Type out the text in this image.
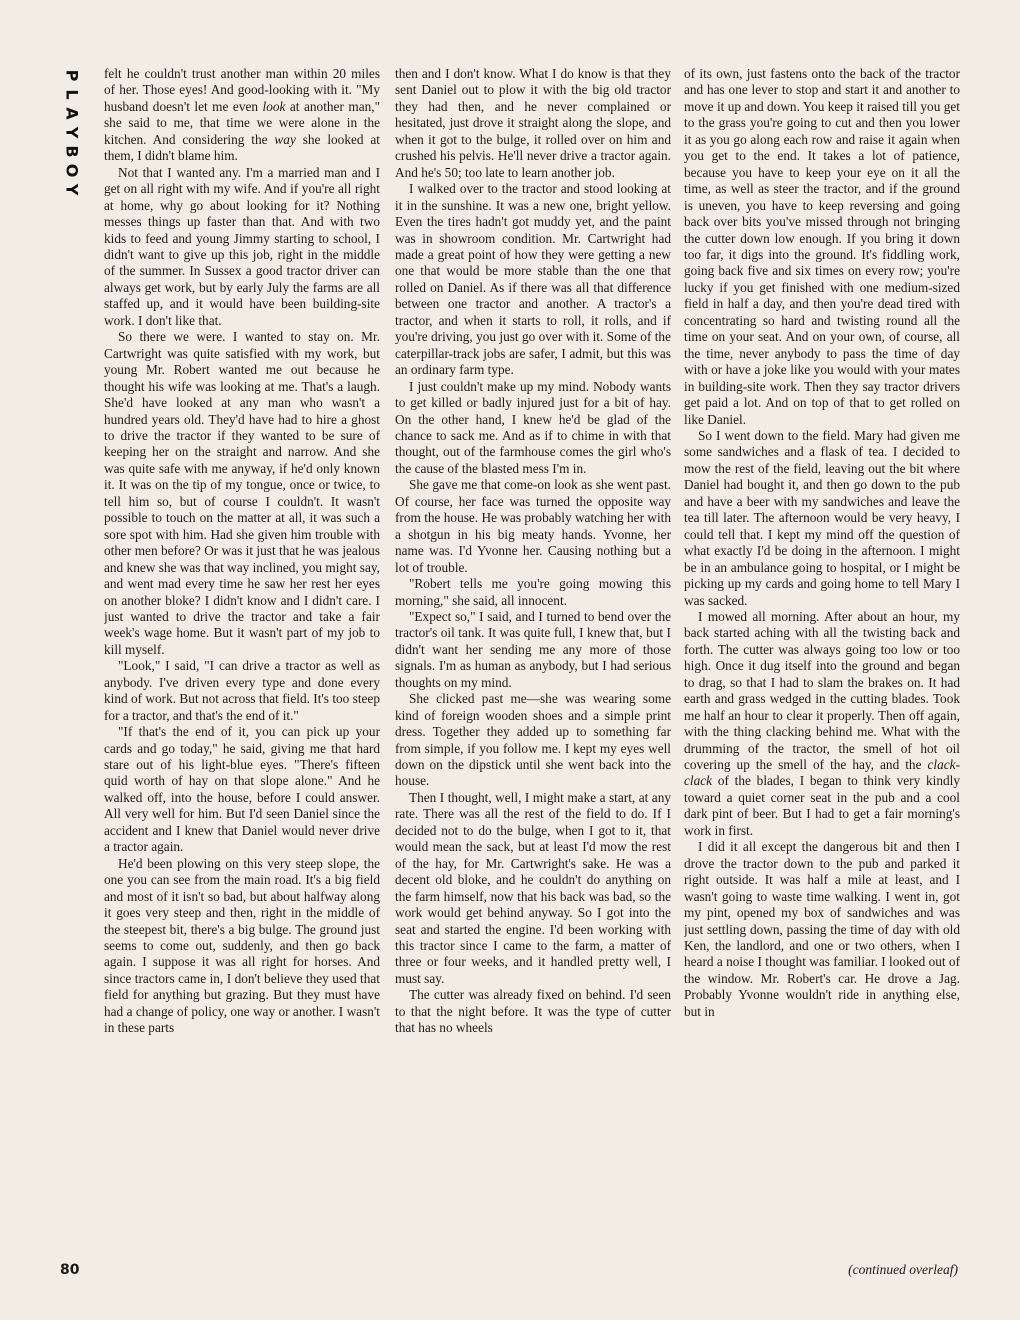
P
L
A
Y
B
O
Y

felt he couldn't trust another man within 20 miles of her. Those eyes! And good-looking with it. "My husband doesn't let me even look at another man," she said to me, that time we were alone in the kitchen. And considering the way she looked at them, I didn't blame him.

Not that I wanted any. I'm a married man and I get on all right with my wife. And if you're all right at home, why go about looking for it? Nothing messes things up faster than that. And with two kids to feed and young Jimmy starting to school, I didn't want to give up this job, right in the middle of the summer. In Sussex a good tractor driver can always get work, but by early July the farms are all staffed up, and it would have been building-site work. I don't like that.

So there we were. I wanted to stay on. Mr. Cartwright was quite satisfied with my work, but young Mr. Robert wanted me out because he thought his wife was looking at me. That's a laugh. She'd have looked at any man who wasn't a hundred years old. They'd have had to hire a ghost to drive the tractor if they wanted to be sure of keeping her on the straight and narrow. And she was quite safe with me anyway, if he'd only known it. It was on the tip of my tongue, once or twice, to tell him so, but of course I couldn't. It wasn't possible to touch on the matter at all, it was such a sore spot with him. Had she given him trouble with other men before? Or was it just that he was jealous and knew she was that way inclined, you might say, and went mad every time he saw her rest her eyes on another bloke? I didn't know and I didn't care. I just wanted to drive the tractor and take a fair week's wage home. But it wasn't part of my job to kill myself.

"Look," I said, "I can drive a tractor as well as anybody. I've driven every type and done every kind of work. But not across that field. It's too steep for a tractor, and that's the end of it."

"If that's the end of it, you can pick up your cards and go today," he said, giving me that hard stare out of his light-blue eyes. "There's fifteen quid worth of hay on that slope alone." And he walked off, into the house, before I could answer. All very well for him. But I'd seen Daniel since the accident and I knew that Daniel would never drive a tractor again.

He'd been plowing on this very steep slope, the one you can see from the main road. It's a big field and most of it isn't so bad, but about halfway along it goes very steep and then, right in the middle of the steepest bit, there's a big bulge. The ground just seems to come out, suddenly, and then go back again. I suppose it was all right for horses. And since tractors came in, I don't believe they used that field for anything but grazing. But they must have had a change of policy, one way or another. I wasn't in these parts

then and I don't know. What I do know is that they sent Daniel out to plow it with the big old tractor they had then, and he never complained or hesitated, just drove it straight along the slope, and when it got to the bulge, it rolled over on him and crushed his pelvis. He'll never drive a tractor again. And he's 50; too late to learn another job.

I walked over to the tractor and stood looking at it in the sunshine. It was a new one, bright yellow. Even the tires hadn't got muddy yet, and the paint was in showroom condition. Mr. Cartwright had made a great point of how they were getting a new one that would be more stable than the one that rolled on Daniel. As if there was all that difference between one tractor and another. A tractor's a tractor, and when it starts to roll, it rolls, and if you're driving, you just go over with it. Some of the caterpillar-track jobs are safer, I admit, but this was an ordinary farm type.

I just couldn't make up my mind. Nobody wants to get killed or badly injured just for a bit of hay. On the other hand, I knew he'd be glad of the chance to sack me. And as if to chime in with that thought, out of the farmhouse comes the girl who's the cause of the blasted mess I'm in.

She gave me that come-on look as she went past. Of course, her face was turned the opposite way from the house. He was probably watching her with a shotgun in his big meaty hands. Yvonne, her name was. I'd Yvonne her. Causing nothing but a lot of trouble.

"Robert tells me you're going mowing this morning," she said, all innocent.

"Expect so," I said, and I turned to bend over the tractor's oil tank. It was quite full, I knew that, but I didn't want her sending me any more of those signals. I'm as human as anybody, but I had serious thoughts on my mind.

She clicked past me—she was wearing some kind of foreign wooden shoes and a simple print dress. Together they added up to something far from simple, if you follow me. I kept my eyes well down on the dipstick until she went back into the house.

Then I thought, well, I might make a start, at any rate. There was all the rest of the field to do. If I decided not to do the bulge, when I got to it, that would mean the sack, but at least I'd mow the rest of the hay, for Mr. Cartwright's sake. He was a decent old bloke, and he couldn't do anything on the farm himself, now that his back was bad, so the work would get behind anyway. So I got into the seat and started the engine. I'd been working with this tractor since I came to the farm, a matter of three or four weeks, and it handled pretty well, I must say.

The cutter was already fixed on behind. I'd seen to that the night before. It was the type of cutter that has no wheels

of its own, just fastens onto the back of the tractor and has one lever to stop and start it and another to move it up and down. You keep it raised till you get to the grass you're going to cut and then you lower it as you go along each row and raise it again when you get to the end. It takes a lot of patience, because you have to keep your eye on it all the time, as well as steer the tractor, and if the ground is uneven, you have to keep reversing and going back over bits you've missed through not bringing the cutter down low enough. If you bring it down too far, it digs into the ground. It's fiddling work, going back five and six times on every row; you're lucky if you get finished with one medium-sized field in half a day, and then you're dead tired with concentrating so hard and twisting round all the time on your seat. And on your own, of course, all the time, never anybody to pass the time of day with or have a joke like you would with your mates in building-site work. Then they say tractor drivers get paid a lot. And on top of that to get rolled on like Daniel.

So I went down to the field. Mary had given me some sandwiches and a flask of tea. I decided to mow the rest of the field, leaving out the bit where Daniel had bought it, and then go down to the pub and have a beer with my sandwiches and leave the tea till later. The afternoon would be very heavy, I could tell that. I kept my mind off the question of what exactly I'd be doing in the afternoon. I might be in an ambulance going to hospital, or I might be picking up my cards and going home to tell Mary I was sacked.

I mowed all morning. After about an hour, my back started aching with all the twisting back and forth. The cutter was always going too low or too high. Once it dug itself into the ground and began to drag, so that I had to slam the brakes on. It had earth and grass wedged in the cutting blades. Took me half an hour to clear it properly. Then off again, with the thing clacking behind me. What with the drumming of the tractor, the smell of hot oil covering up the smell of the hay, and the clack-clack of the blades, I began to think very kindly toward a quiet corner seat in the pub and a cool dark pint of beer. But I had to get a fair morning's work in first.

I did it all except the dangerous bit and then I drove the tractor down to the pub and parked it right outside. It was half a mile at least, and I wasn't going to waste time walking. I went in, got my pint, opened my box of sandwiches and was just settling down, passing the time of day with old Ken, the landlord, and one or two others, when I heard a noise I thought was familiar. I looked out of the window. Mr. Robert's car. He drove a Jag. Probably Yvonne wouldn't ride in anything else, but in

80	(continued overleaf)
